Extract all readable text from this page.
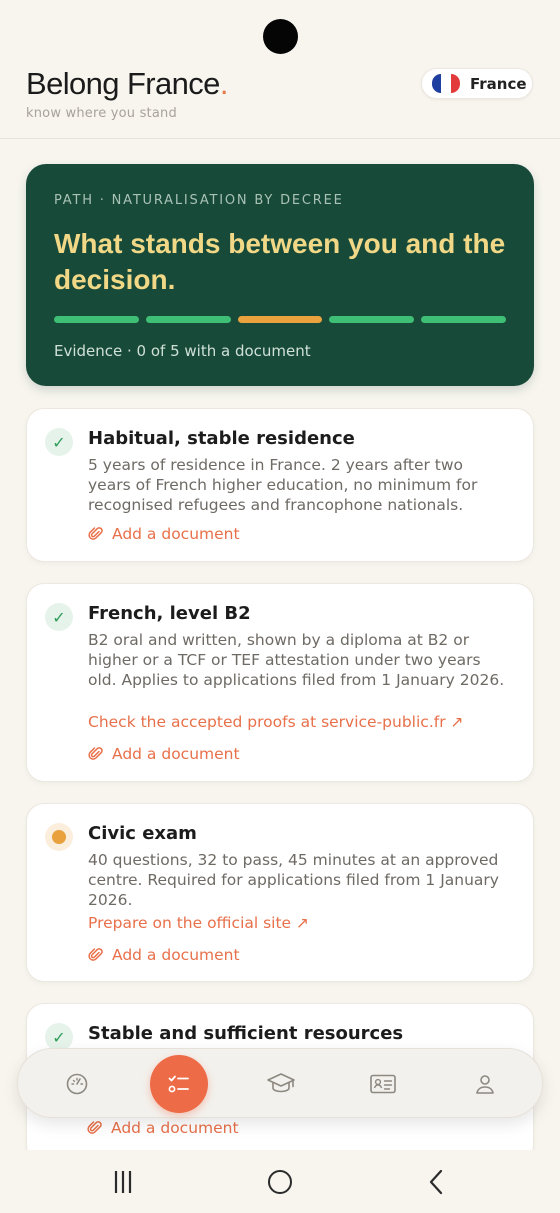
Belong France.
know where you stand
France
PATH · NATURALISATION BY DECREE
What stands between you and the decision.
Evidence · 0 of 5 with a document
✓	Habitual, stable residence
5 years of residence in France. 2 years after two years of French higher education, no minimum for recognised refugees and francophone nationals.
Add a document
✓	French, level B2
B2 oral and written, shown by a diploma at B2 or higher or a TCF or TEF attestation under two years old. Applies to applications filed from 1 January 2026.
Check the accepted proofs at service-public.fr ↗
Add a document
Civic exam
40 questions, 32 to pass, 45 minutes at an approved centre. Required for applications filed from 1 January 2026.
Prepare on the official site ↗
Add a document
✓	Stable and sufficient resources
Add a document
